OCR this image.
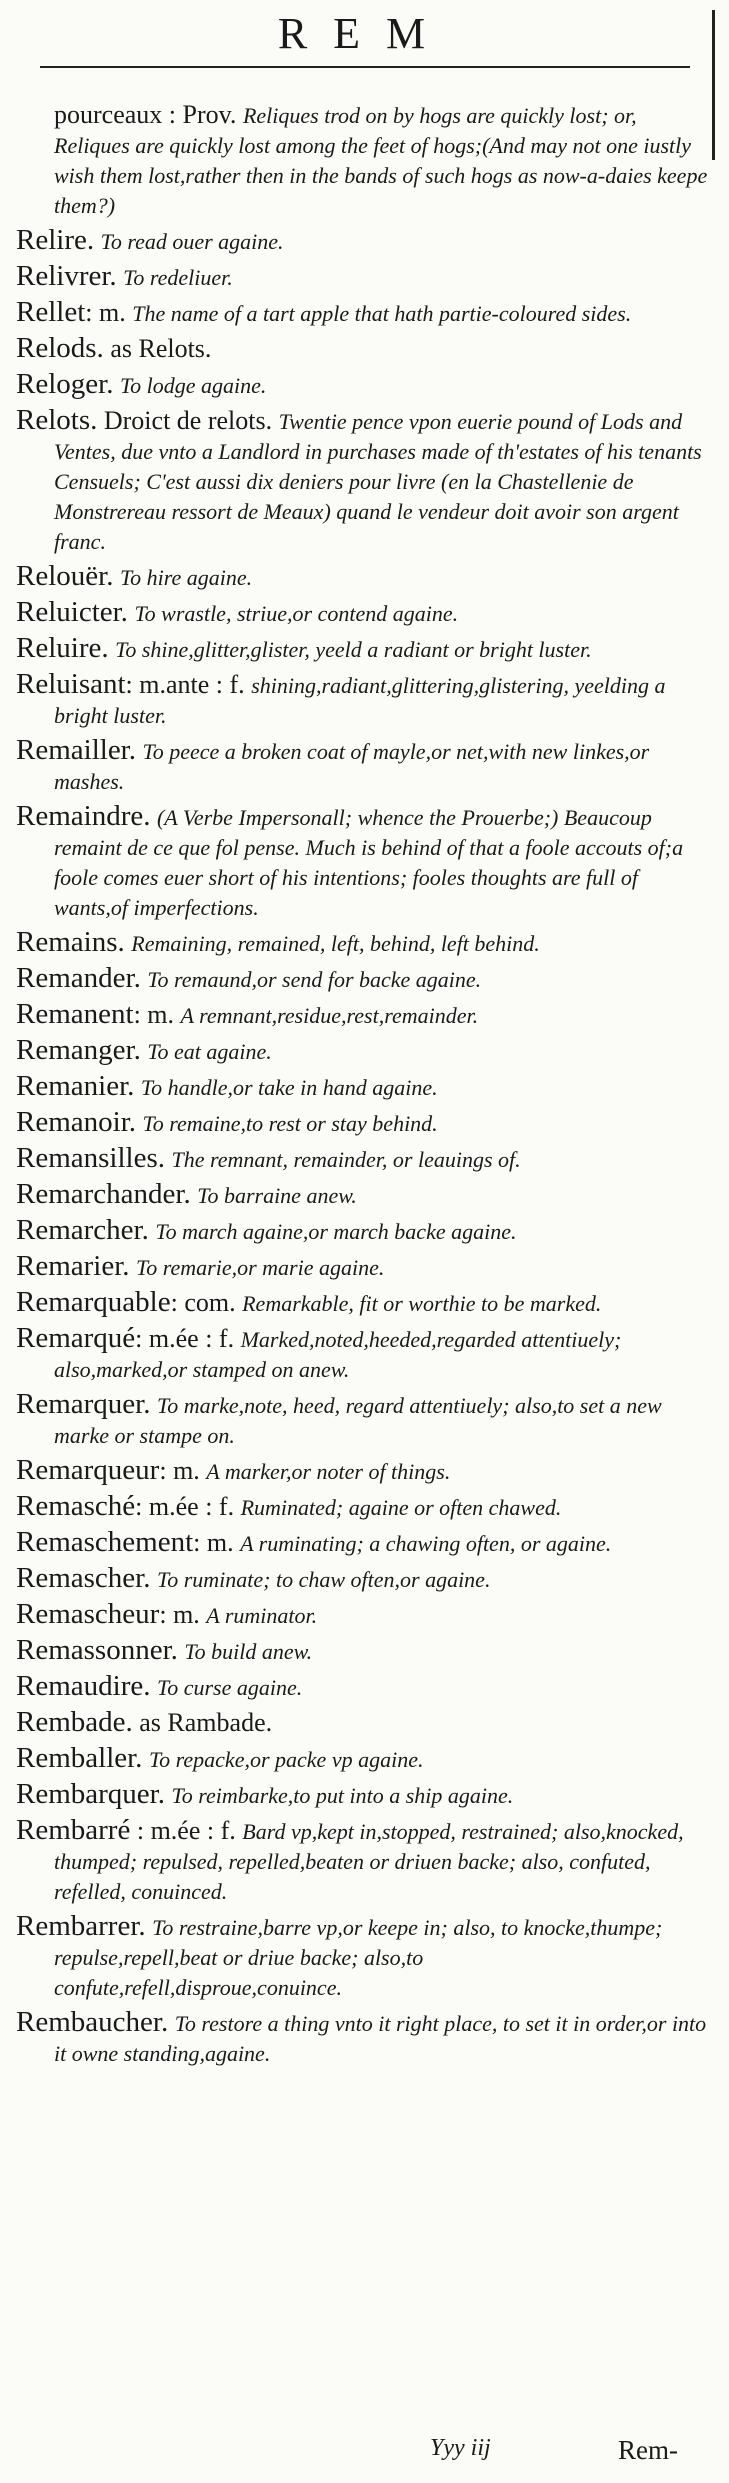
REM
pourceaux : Prov. Reliques trod on by hogs are quickly lost; or, Reliques are quickly lost among the feet of hogs;(And may not one iustly wish them lost,rather then in the bands of such hogs as now-a-daies keepe them?)
Relire. To read ouer againe.
Relivrer. To redeliuer.
Rellet: m. The name of a tart apple that hath partie-coloured sides.
Relods. as Relots.
Reloger. To lodge againe.
Relots. Droict de relots. Twentie pence vpon euerie pound of Lods and Ventes, due vnto a Landlord in purchases made of th'estates of his tenants Censuels; C'est aussi dix deniers pour livre (en la Chastellenie de Monstrereau ressort de Meaux) quand le vendeur doit avoir son argent franc.
Relouër. To hire againe.
Reluicter. To wrastle, striue,or contend againe.
Reluire. To shine,glitter,glister, yeeld a radiant or bright luster.
Reluisant: m.ante : f. shining,radiant,glittering,glistering, yeelding a bright luster.
Remailler. To peece a broken coat of mayle,or net,with new linkes,or mashes.
Remaindre. (A Verbe Impersonall; whence the Prouerbe;) Beaucoup remaint de ce que fol pense. Much is behind of that a foole accouts of;a foole comes euer short of his intentions; fooles thoughts are full of wants,of imperfections.
Remains. Remaining, remained, left, behind, left behind.
Remander. To remaund,or send for backe againe.
Remanent: m. A remnant,residue,rest,remainder.
Remanger. To eat againe.
Remanier. To handle,or take in hand againe.
Remanoir. To remaine,to rest or stay behind.
Remansilles. The remnant, remainder, or leauings of.
Remarchander. To barraine anew.
Remarcher. To march againe,or march backe againe.
Remarier. To remarie,or marie againe.
Remarquable: com. Remarkable, fit or worthie to be marked.
Remarqué: m.ée : f. Marked,noted,heeded,regarded attentiuely; also,marked,or stamped on anew.
Remarquer. To marke,note, heed, regard attentiuely; also,to set a new marke or stampe on.
Remarqueur: m. A marker,or noter of things.
Remasché: m.ée : f. Ruminated; againe or often chawed.
Remaschement: m. A ruminating; a chawing often, or againe.
Remascher. To ruminate; to chaw often,or againe.
Remascheur: m. A ruminator.
Remassonner. To build anew.
Remaudire. To curse againe.
Rembade. as Rambade.
Remballer. To repacke,or packe vp againe.
Rembarquer. To reimbarke,to put into a ship againe.
Rembarré : m.ée : f. Bard vp,kept in,stopped, restrained; also,knocked, thumped; repulsed, repelled,beaten or driuen backe; also, confuted, refelled, conuinced.
Rembarrer. To restraine,barre vp,or keepe in; also, to knocke,thumpe; repulse,repell,beat or driue backe; also,to confute,refell,disproue,conuince.
Rembaucher. To restore a thing vnto it right place, to set it in order,or into it owne standing,againe.
Yyy iij	Rem-
